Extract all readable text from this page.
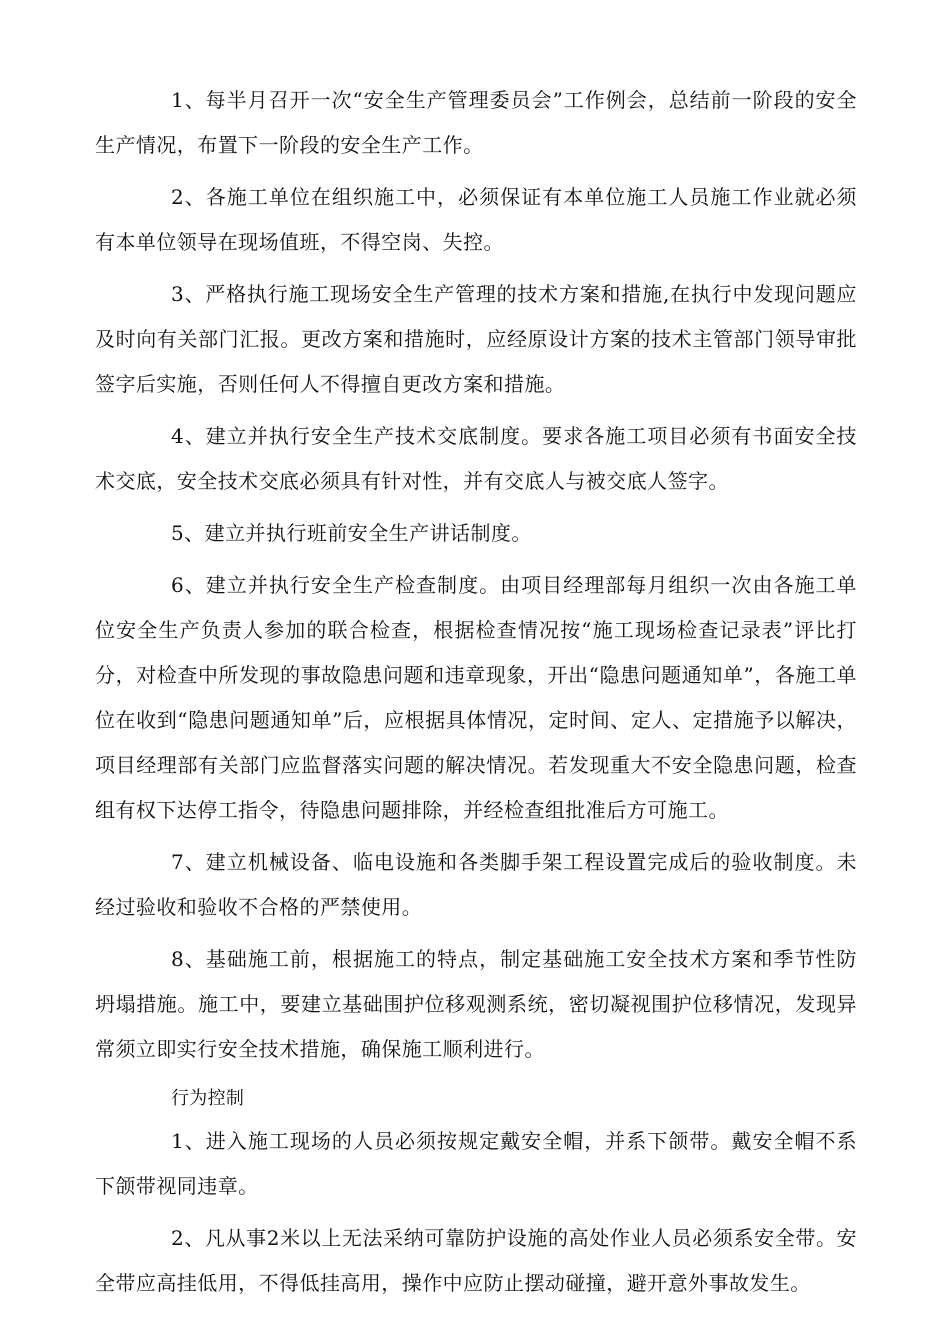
1、每半月召开一次“安全生产管理委员会”工作例会，总结前一阶段的安全生产情况，布置下一阶段的安全生产工作。

2、各施工单位在组织施工中，必须保证有本单位施工人员施工作业就必须有本单位领导在现场值班，不得空岗、失控。

3、严格执行施工现场安全生产管理的技术方案和措施,在执行中发现问题应及时向有关部门汇报。更改方案和措施时，应经原设计方案的技术主管部门领导审批签字后实施，否则任何人不得擅自更改方案和措施。

4、建立并执行安全生产技术交底制度。要求各施工项目必须有书面安全技术交底，安全技术交底必须具有针对性，并有交底人与被交底人签字。

5、建立并执行班前安全生产讲话制度。

6、建立并执行安全生产检查制度。由项目经理部每月组织一次由各施工单位安全生产负责人参加的联合检查，根据检查情况按“施工现场检查记录表”评比打分，对检查中所发现的事故隐患问题和违章现象，开出“隐患问题通知单”，各施工单位在收到“隐患问题通知单”后，应根据具体情况，定时间、定人、定措施予以解决，项目经理部有关部门应监督落实问题的解决情况。若发现重大不安全隐患问题，检查组有权下达停工指令，待隐患问题排除，并经检查组批准后方可施工。

7、建立机械设备、临电设施和各类脚手架工程设置完成后的验收制度。未经过验收和验收不合格的严禁使用。

8、基础施工前，根据施工的特点，制定基础施工安全技术方案和季节性防坍塌措施。施工中，要建立基础围护位移观测系统，密切凝视围护位移情况，发现异常须立即实行安全技术措施，确保施工顺利进行。

行为控制

1、进入施工现场的人员必须按规定戴安全帽，并系下颌带。戴安全帽不系下颌带视同违章。

2、凡从事2米以上无法采纳可靠防护设施的高处作业人员必须系安全带。安全带应高挂低用，不得低挂高用，操作中应防止摆动碰撞，避开意外事故发生。
